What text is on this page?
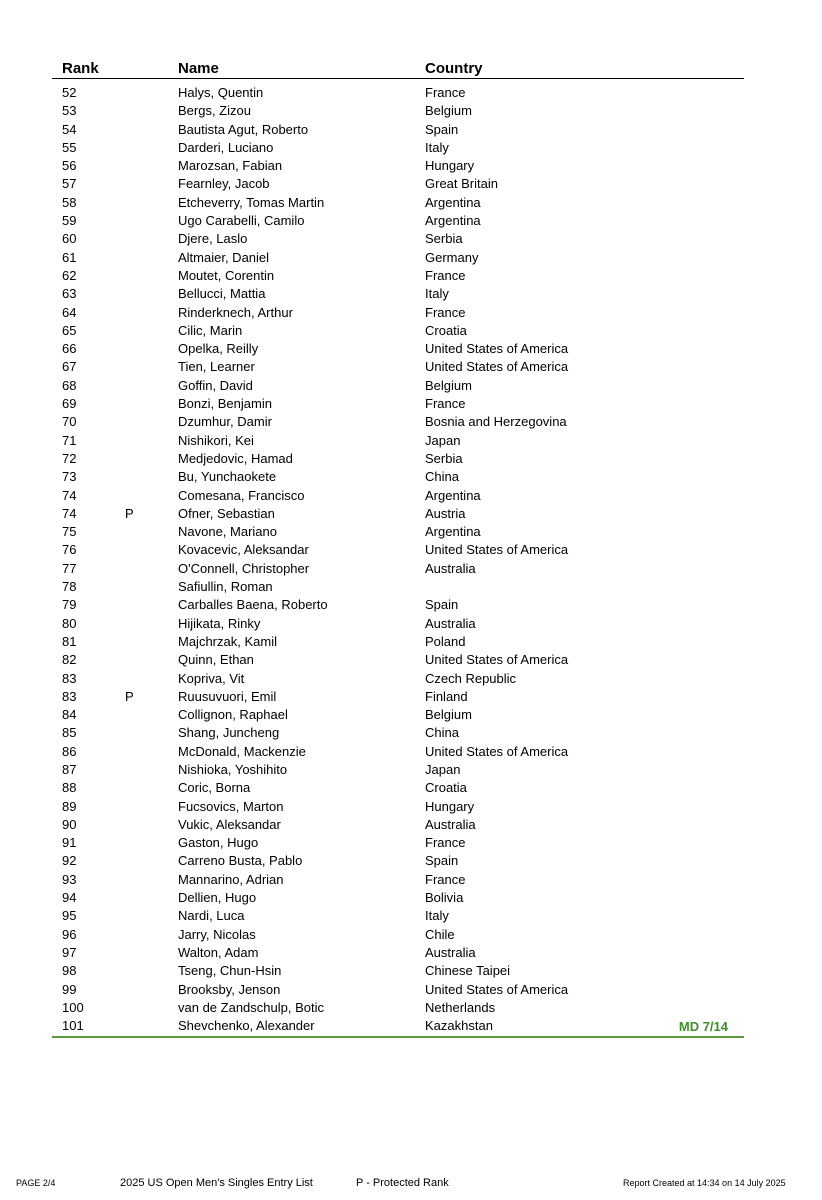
Rank	Name	Country
52	Halys, Quentin	France
53	Bergs, Zizou	Belgium
54	Bautista Agut, Roberto	Spain
55	Darderi, Luciano	Italy
56	Marozsan, Fabian	Hungary
57	Fearnley, Jacob	Great Britain
58	Etcheverry, Tomas Martin	Argentina
59	Ugo Carabelli, Camilo	Argentina
60	Djere, Laslo	Serbia
61	Altmaier, Daniel	Germany
62	Moutet, Corentin	France
63	Bellucci, Mattia	Italy
64	Rinderknech, Arthur	France
65	Cilic, Marin	Croatia
66	Opelka, Reilly	United States of America
67	Tien, Learner	United States of America
68	Goffin, David	Belgium
69	Bonzi, Benjamin	France
70	Dzumhur, Damir	Bosnia and Herzegovina
71	Nishikori, Kei	Japan
72	Medjedovic, Hamad	Serbia
73	Bu, Yunchaokete	China
74	Comesana, Francisco	Argentina
74	P	Ofner, Sebastian	Austria
75	Navone, Mariano	Argentina
76	Kovacevic, Aleksandar	United States of America
77	O'Connell, Christopher	Australia
78	Safiullin, Roman
79	Carballes Baena, Roberto	Spain
80	Hijikata, Rinky	Australia
81	Majchrzak, Kamil	Poland
82	Quinn, Ethan	United States of America
83	Kopriva, Vit	Czech Republic
83	P	Ruusuvuori, Emil	Finland
84	Collignon, Raphael	Belgium
85	Shang, Juncheng	China
86	McDonald, Mackenzie	United States of America
87	Nishioka, Yoshihito	Japan
88	Coric, Borna	Croatia
89	Fucsovics, Marton	Hungary
90	Vukic, Aleksandar	Australia
91	Gaston, Hugo	France
92	Carreno Busta, Pablo	Spain
93	Mannarino, Adrian	France
94	Dellien, Hugo	Bolivia
95	Nardi, Luca	Italy
96	Jarry, Nicolas	Chile
97	Walton, Adam	Australia
98	Tseng, Chun-Hsin	Chinese Taipei
99	Brooksby, Jenson	United States of America
100	van de Zandschulp, Botic	Netherlands
101	Shevchenko, Alexander	Kazakhstan	MD 7/14
PAGE 2/4	2025 US Open Men's Singles Entry List	P - Protected Rank	Report Created at 14:34 on 14 July 2025
